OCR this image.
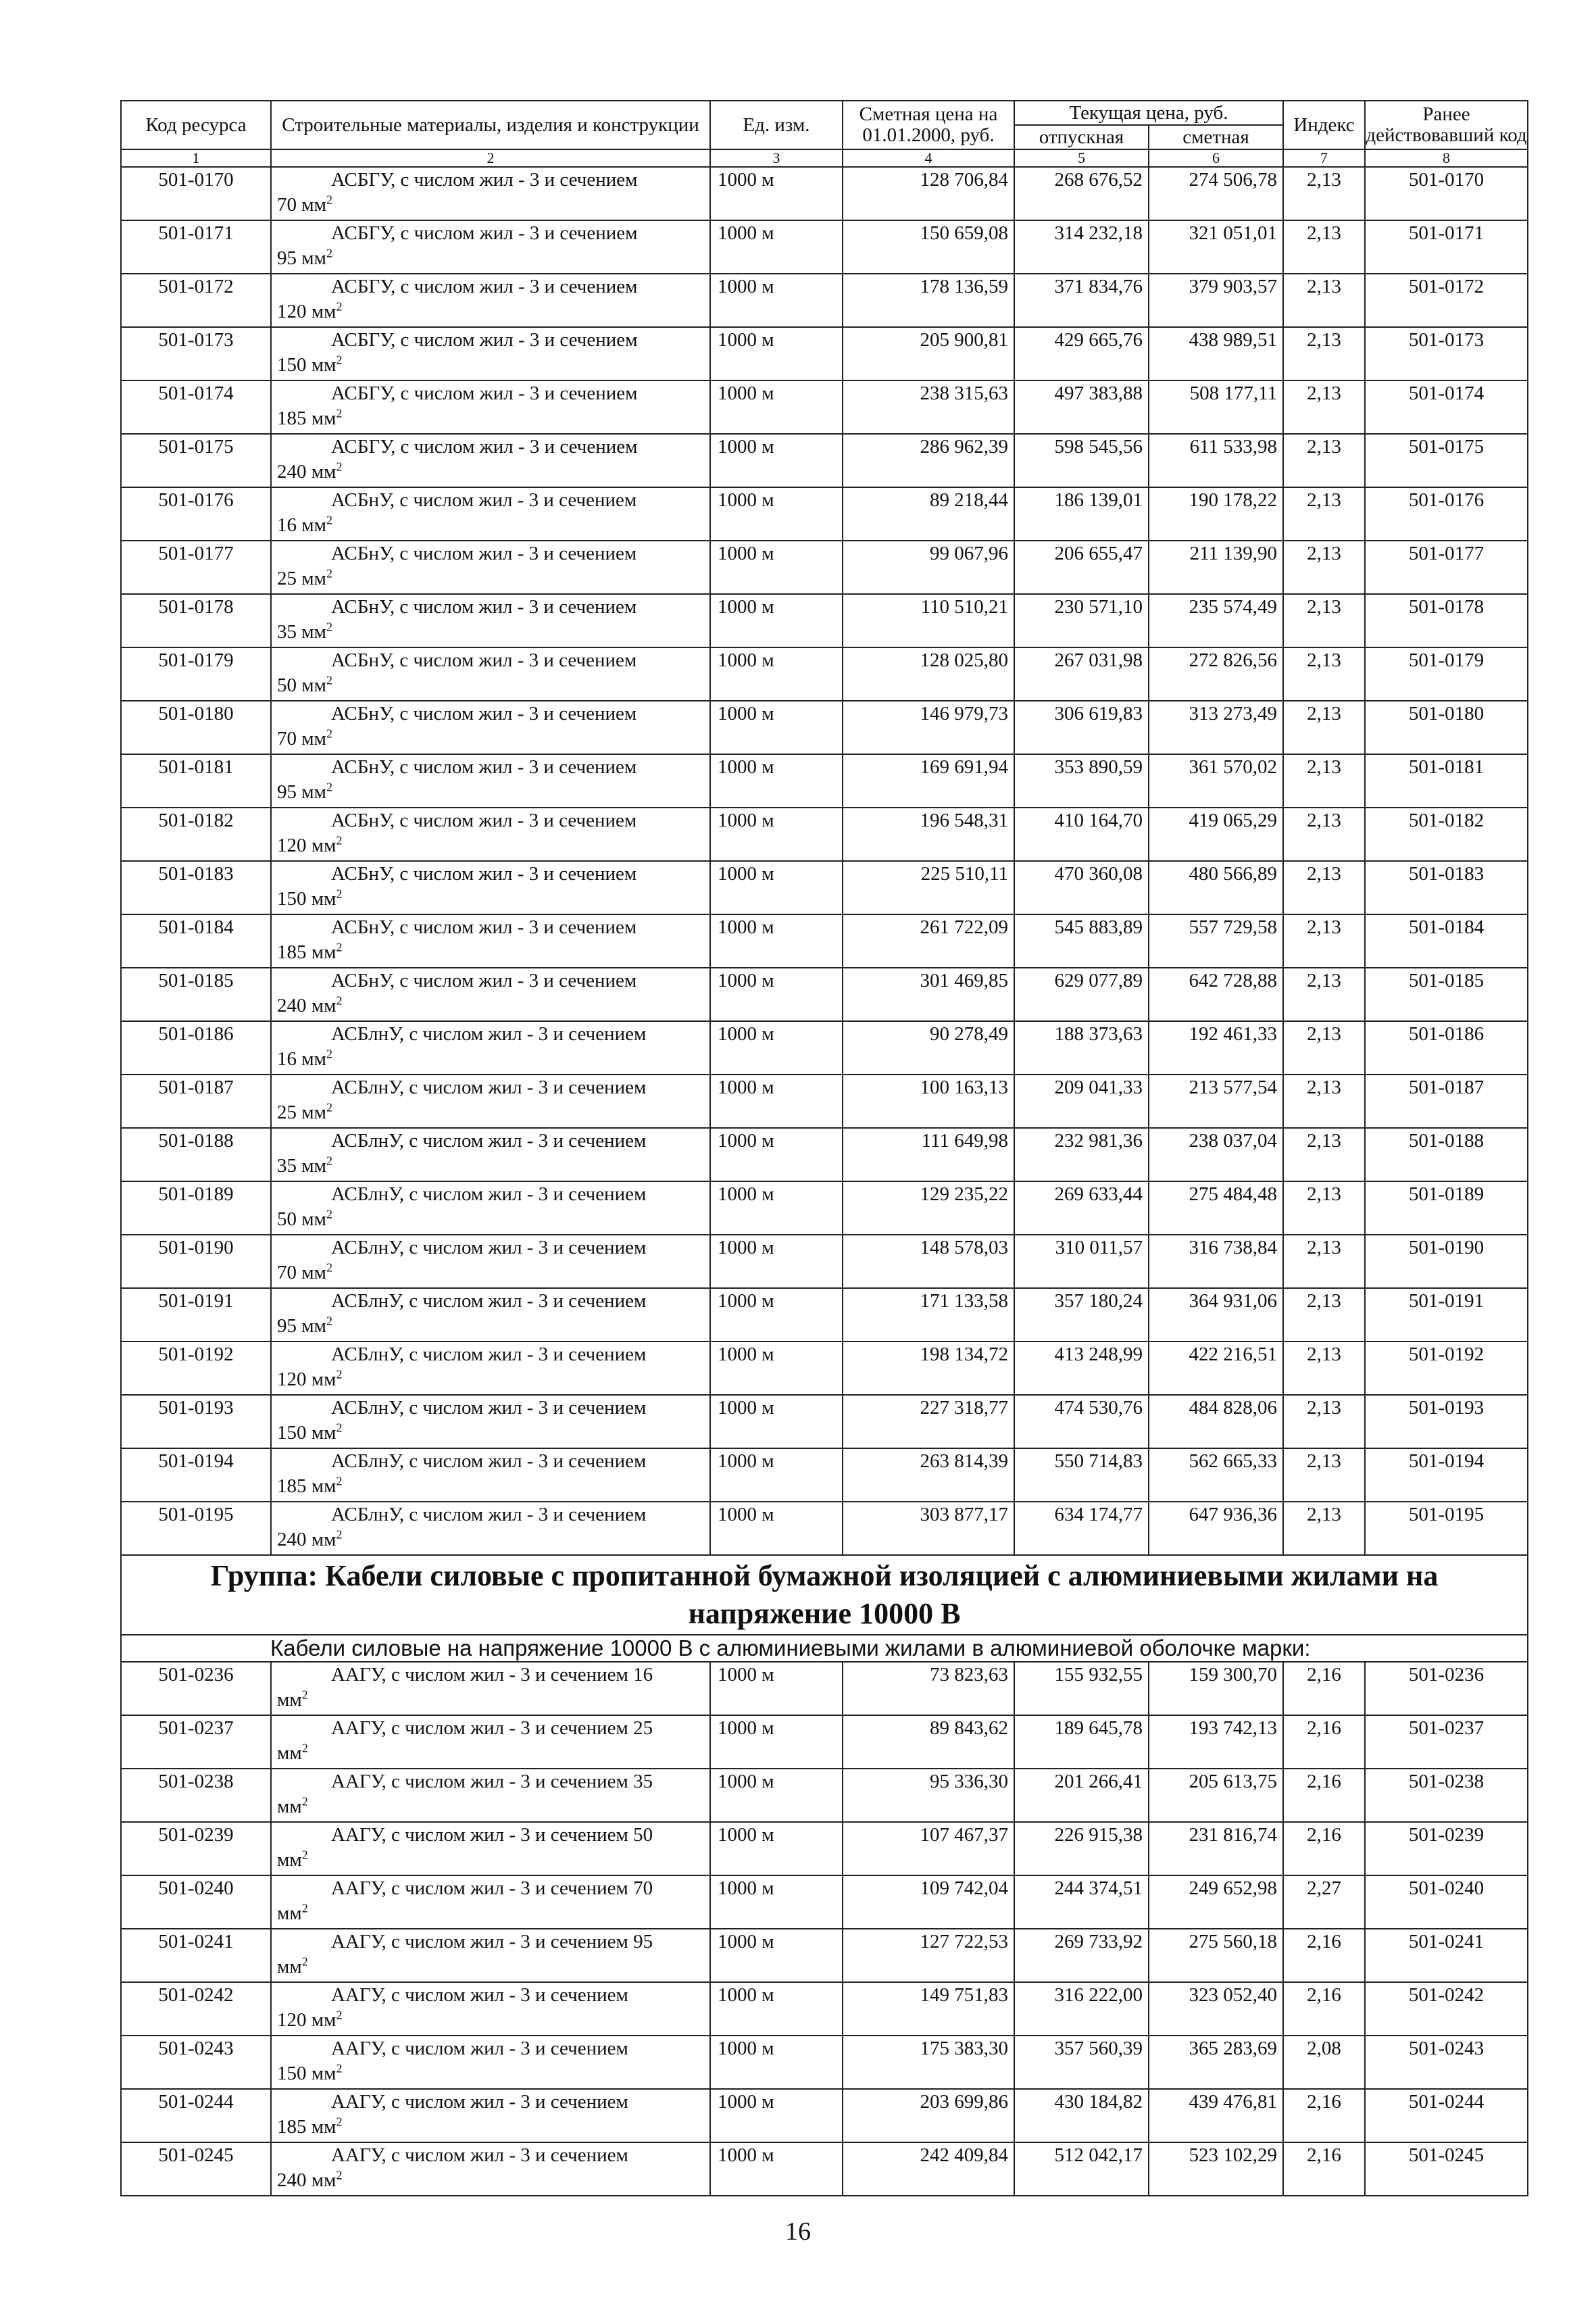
Код ресурса	Строительные материалы, изделия и конструкции	Ед. изм.	Сметная цена на 01.01.2000, руб.	Текущая цена, руб.		Индекс	Ранее действовавший код
				отпускная	сметная		
1	2	3	4	5	6	7	8
501-0170	АСБГУ, с числом жил - 3 и сечением
70 $мм^2$	1000 м	128 706,84	268 676,52	274 506,78	2,13	501-0170
501-0171	АСБГУ, с числом жил - 3 и сечением
95 $мм^2$	1000 м	150 659,08	314 232,18	321 051,01	2,13	501-0171
501-0172	АСБГУ, с числом жил - 3 и сечением
120 $мм^2$	1000 м	178 136,59	371 834,76	379 903,57	2,13	501-0172
501-0173	АСБГУ, с числом жил - 3 и сечением
150 $мм^2$	1000 м	205 900,81	429 665,76	438 989,51	2,13	501-0173
501-0174	АСБГУ, с числом жил - 3 и сечением
185 $мм^2$	1000 м	238 315,63	497 383,88	508 177,11	2,13	501-0174
501-0175	АСБГУ, с числом жил - 3 и сечением
240 $мм^2$	1000 м	286 962,39	598 545,56	611 533,98	2,13	501-0175
501-0176	АСБнУ, с числом жил - 3 и сечением
16 $мм^2$	1000 м	89 218,44	186 139,01	190 178,22	2,13	501-0176
501-0177	АСБнУ, с числом жил - 3 и сечением
25 $мм^2$	1000 м	99 067,96	206 655,47	211 139,90	2,13	501-0177
501-0178	АСБнУ, с числом жил - 3 и сечением
35 $мм^2$	1000 м	110 510,21	230 571,10	235 574,49	2,13	501-0178
501-0179	АСБнУ, с числом жил - 3 и сечением
50 $мм^2$	1000 м	128 025,80	267 031,98	272 826,56	2,13	501-0179
501-0180	АСБнУ, с числом жил - 3 и сечением
70 $мм^2$	1000 м	146 979,73	306 619,83	313 273,49	2,13	501-0180
501-0181	АСБнУ, с числом жил - 3 и сечением
95 $мм^2$	1000 м	169 691,94	353 890,59	361 570,02	2,13	501-0181
501-0182	АСБнУ, с числом жил - 3 и сечением
120 $мм^2$	1000 м	196 548,31	410 164,70	419 065,29	2,13	501-0182
501-0183	АСБнУ, с числом жил - 3 и сечением
150 $мм^2$	1000 м	225 510,11	470 360,08	480 566,89	2,13	501-0183
501-0184	АСБнУ, с числом жил - 3 и сечением
185 $мм^2$	1000 м	261 722,09	545 883,89	557 729,58	2,13	501-0184
501-0185	АСБнУ, с числом жил - 3 и сечением
240 $мм^2$	1000 м	301 469,85	629 077,89	642 728,88	2,13	501-0185
501-0186	АСБлнУ, с числом жил - 3 и сечением
16 $мм^2$	1000 м	90 278,49	188 373,63	192 461,33	2,13	501-0186
501-0187	АСБлнУ, с числом жил - 3 и сечением
25 $мм^2$	1000 м	100 163,13	209 041,33	213 577,54	2,13	501-0187
501-0188	АСБлнУ, с числом жил - 3 и сечением
35 $мм^2$	1000 м	111 649,98	232 981,36	238 037,04	2,13	501-0188
501-0189	АСБлнУ, с числом жил - 3 и сечением
50 $мм^2$	1000 м	129 235,22	269 633,44	275 484,48	2,13	501-0189
501-0190	АСБлнУ, с числом жил - 3 и сечением
70 $мм^2$	1000 м	148 578,03	310 011,57	316 738,84	2,13	501-0190
501-0191	АСБлнУ, с числом жил - 3 и сечением
95 $мм^2$	1000 м	171 133,58	357 180,24	364 931,06	2,13	501-0191
501-0192	АСБлнУ, с числом жил - 3 и сечением
120 $мм^2$	1000 м	198 134,72	413 248,99	422 216,51	2,13	501-0192
501-0193	АСБлнУ, с числом жил - 3 и сечением
150 $мм^2$	1000 м	227 318,77	474 530,76	484 828,06	2,13	501-0193
501-0194	АСБлнУ, с числом жил - 3 и сечением
185 $мм^2$	1000 м	263 814,39	550 714,83	562 665,33	2,13	501-0194
501-0195	АСБлнУ, с числом жил - 3 и сечением
240 $мм^2$	1000 м	303 877,17	634 174,77	647 936,36	2,13	501-0195

Группа: Кабели силовые с пропитанной бумажной изоляцией с алюминиевыми жилами на
напряжение 10000 В							

Кабели силовые на напряжение 10000 В с алюминиевыми жилами в алюминиевой оболочке марки:							
501-0236	ААГУ, с числом жил - 3 и сечением 16
$мм^2$	1000 м	73 823,63	155 932,55	159 300,70	2,16	501-0236
501-0237	ААГУ, с числом жил - 3 и сечением 25
$мм^2$	1000 м	89 843,62	189 645,78	193 742,13	2,16	501-0237
501-0238	ААГУ, с числом жил - 3 и сечением 35
$мм^2$	1000 м	95 336,30	201 266,41	205 613,75	2,16	501-0238
501-0239	ААГУ, с числом жил - 3 и сечением 50
$мм^2$	1000 м	107 467,37	226 915,38	231 816,74	2,16	501-0239
501-0240	ААГУ, с числом жил - 3 и сечением 70
$мм^2$	1000 м	109 742,04	244 374,51	249 652,98	2,27	501-0240
501-0241	ААГУ, с числом жил - 3 и сечением 95
$мм^2$	1000 м	127 722,53	269 733,92	275 560,18	2,16	501-0241
501-0242	ААГУ, с числом жил - 3 и сечением
120 $мм^2$	1000 м	149 751,83	316 222,00	323 052,40	2,16	501-0242
501-0243	ААГУ, с числом жил - 3 и сечением
150 $мм^2$	1000 м	175 383,30	357 560,39	365 283,69	2,08	501-0243
501-0244	ААГУ, с числом жил - 3 и сечением
185 $мм^2$	1000 м	203 699,86	430 184,82	439 476,81	2,16	501-0244
501-0245	ААГУ, с числом жил - 3 и сечением
240 $мм^2$	1000 м	242 409,84	512 042,17	523 102,29	2,16	501-0245
16
